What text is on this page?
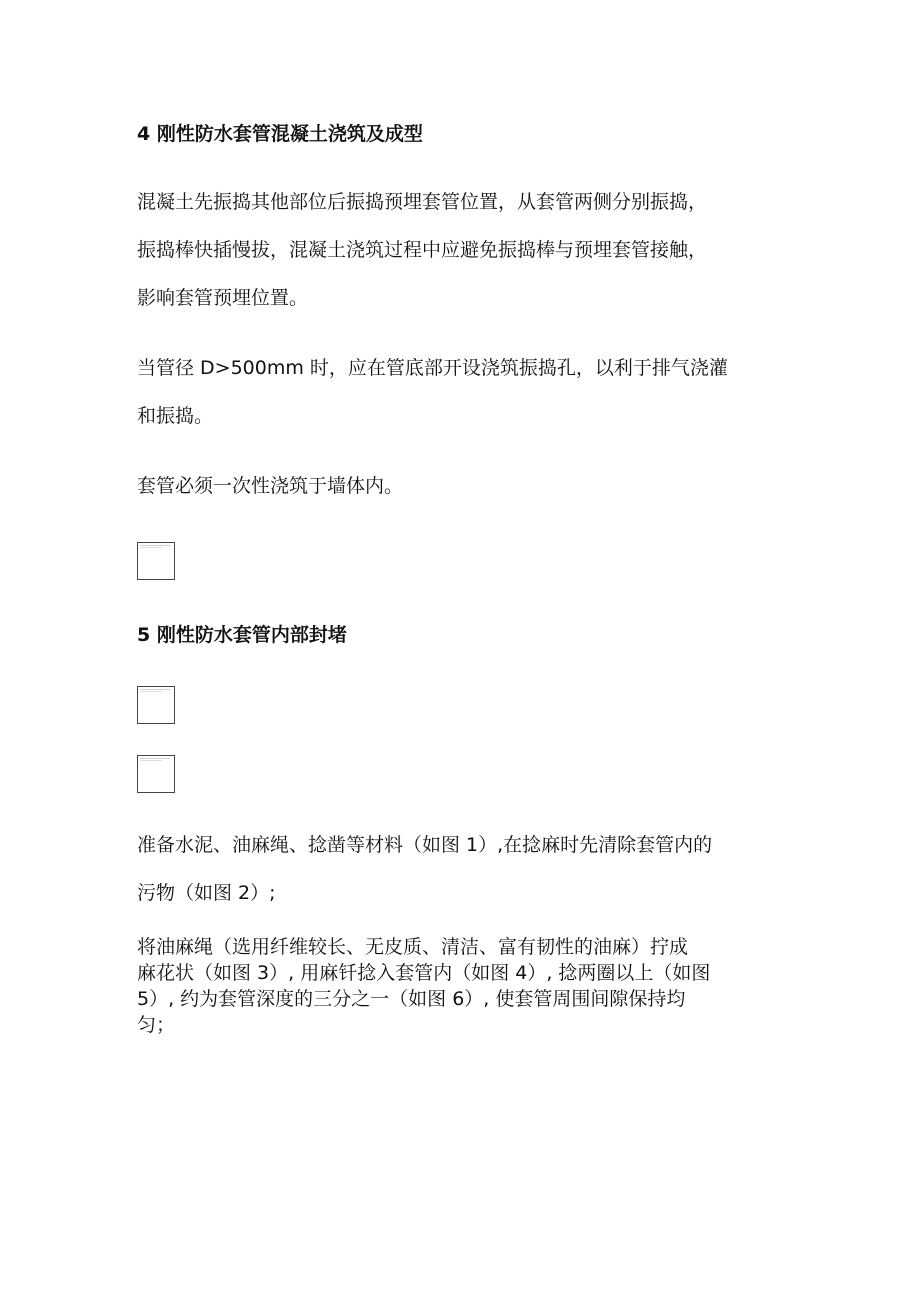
4 刚性防水套管混凝土浇筑及成型
混凝土先振捣其他部位后振捣预埋套管位置，从套管两侧分别振捣，
振捣棒快插慢拔，混凝土浇筑过程中应避免振捣棒与预埋套管接触，
影响套管预埋位置。
当管径 D>500mm 时，应在管底部开设浇筑振捣孔，以利于排气浇灌
和振捣。
套管必须一次性浇筑于墙体内。
5 刚性防水套管内部封堵
准备水泥、油麻绳、捻凿等材料（如图 1）,在捻麻时先清除套管内的
污物（如图 2）;
将油麻绳（选用纤维较长、无皮质、清洁、富有韧性的油麻）拧成
麻花状（如图 3）, 用麻钎捻入套管内（如图 4）, 捻两圈以上（如图
5）, 约为套管深度的三分之一（如图 6）, 使套管周围间隙保持均
匀；
